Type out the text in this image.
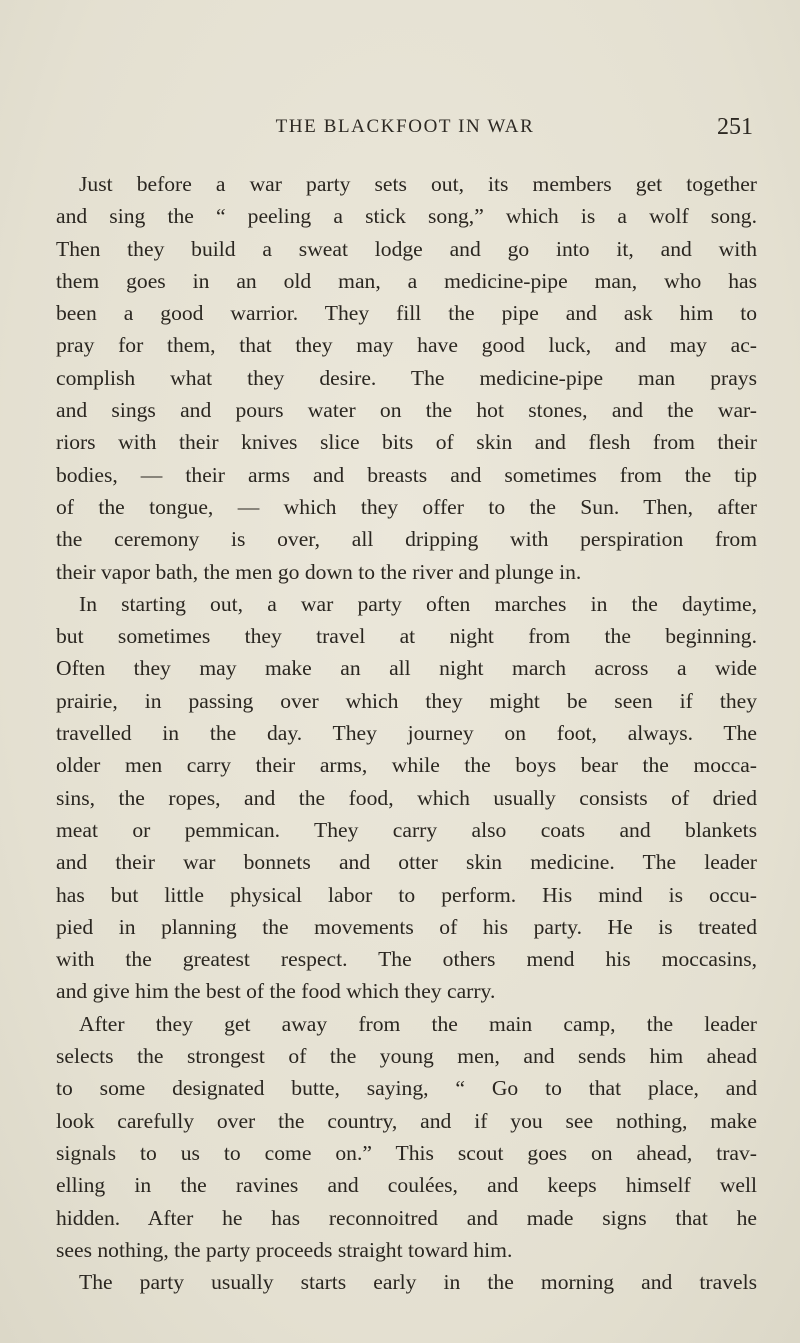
THE BLACKFOOT IN WAR	251
Just before a war party sets out, its members get together
and sing the “ peeling a stick song,” which is a wolf song.
Then they build a sweat lodge and go into it, and with
them goes in an old man, a medicine-pipe man, who has
been a good warrior. They fill the pipe and ask him to
pray for them, that they may have good luck, and may ac-
complish what they desire. The medicine-pipe man prays
and sings and pours water on the hot stones, and the war-
riors with their knives slice bits of skin and flesh from their
bodies, — their arms and breasts and sometimes from the tip
of the tongue, — which they offer to the Sun. Then, after
the ceremony is over, all dripping with perspiration from
their vapor bath, the men go down to the river and plunge in.
In starting out, a war party often marches in the daytime,
but sometimes they travel at night from the beginning.
Often they may make an all night march across a wide
prairie, in passing over which they might be seen if they
travelled in the day. They journey on foot, always. The
older men carry their arms, while the boys bear the mocca-
sins, the ropes, and the food, which usually consists of dried
meat or pemmican. They carry also coats and blankets
and their war bonnets and otter skin medicine. The leader
has but little physical labor to perform. His mind is occu-
pied in planning the movements of his party. He is treated
with the greatest respect. The others mend his moccasins,
and give him the best of the food which they carry.
After they get away from the main camp, the leader
selects the strongest of the young men, and sends him ahead
to some designated butte, saying, “ Go to that place, and
look carefully over the country, and if you see nothing, make
signals to us to come on.” This scout goes on ahead, trav-
elling in the ravines and coulées, and keeps himself well
hidden. After he has reconnoitred and made signs that he
sees nothing, the party proceeds straight toward him.
The party usually starts early in the morning and travels
